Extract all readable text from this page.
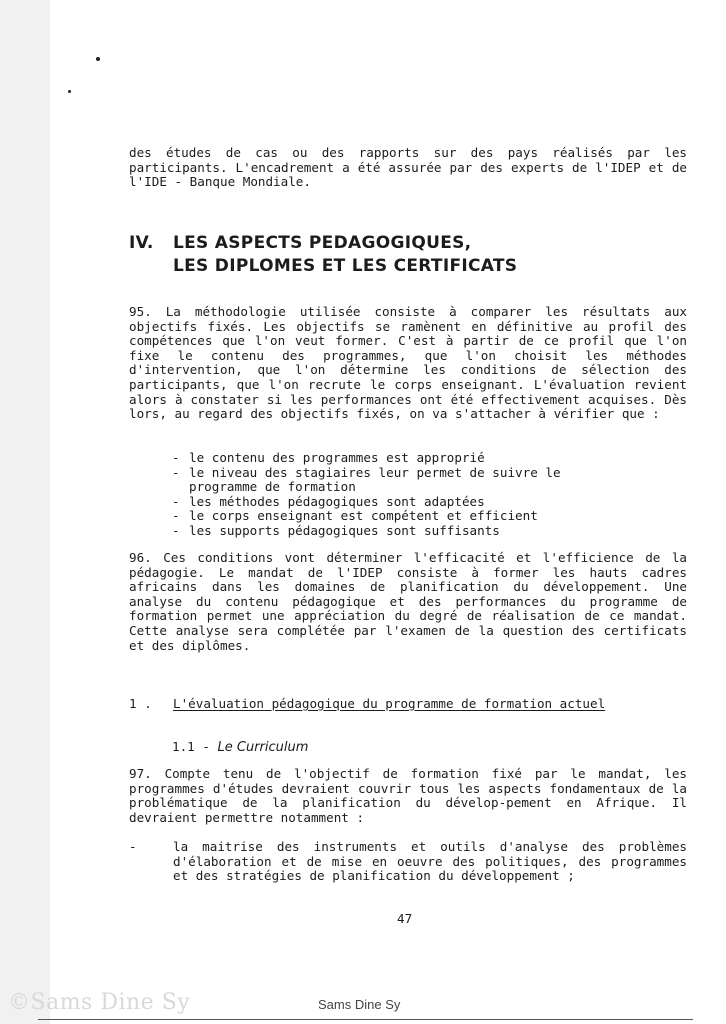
des études de cas ou des rapports sur des pays réalisés par les participants. L'encadrement a été assurée par des experts de l'IDEP et de l'IDE - Banque Mondiale.

IV. LES ASPECTS PEDAGOGIQUES,
LES DIPLOMES ET LES CERTIFICATS

95. La méthodologie utilisée consiste à comparer les résultats aux objectifs fixés. Les objectifs se ramènent en définitive au profil des compétences que l'on veut former. C'est à partir de ce profil que l'on fixe le contenu des programmes, que l'on choisit les méthodes d'intervention, que l'on détermine les conditions de sélection des participants, que l'on recrute le corps enseignant. L'évaluation revient alors à constater si les performances ont été effectivement acquises. Dès lors, au regard des objectifs fixés, on va s'attacher à vérifier que :

- le contenu des programmes est approprié
- le niveau des stagiaires leur permet de suivre le programme de formation
- les méthodes pédagogiques sont adaptées
- le corps enseignant est compétent et efficient
- les supports pédagogiques sont suffisants

96. Ces conditions vont déterminer l'efficacité et l'efficience de la pédagogie. Le mandat de l'IDEP consiste à former les hauts cadres africains dans les domaines de planification du développement. Une analyse du contenu pédagogique et des performances du programme de formation permet une appréciation du degré de réalisation de ce mandat. Cette analyse sera complétée par l'examen de la question des certificats et des diplômes.

1 . L'évaluation pédagogique du programme de formation actuel
1.1 - Le Curriculum

97. Compte tenu de l'objectif de formation fixé par le mandat, les programmes d'études devraient couvrir tous les aspects fondamentaux de la problématique de la planification du dévelop-pement en Afrique. Il devraient permettre notamment :

-	la maitrise des instruments et outils d'analyse des problèmes d'élaboration et de mise en oeuvre des politiques, des programmes et des stratégies de planification du développement ;
47
©Sams Dine Sy	Sams Dine Sy
